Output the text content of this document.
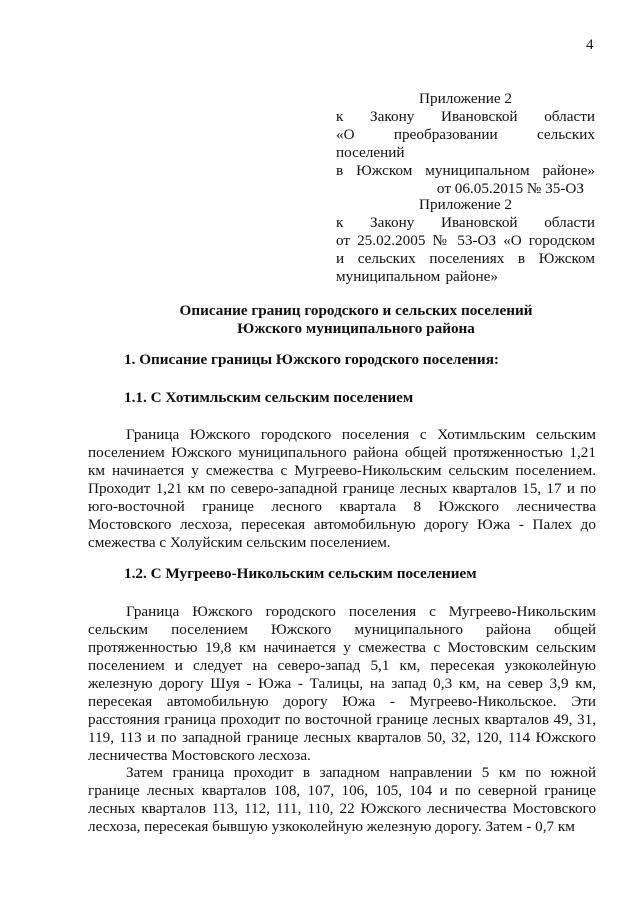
4
Приложение 2
к Закону Ивановской области
«О преобразовании сельских поселений
в Южском муниципальном районе»
от 06.05.2015 № 35-ОЗ
Приложение 2
к Закону Ивановской области
от 25.02.2005 № 53-ОЗ «О городском
и сельских поселениях в Южском
муниципальном районе»
Описание границ городского и сельских поселений
Южского муниципального района
1. Описание границы Южского городского поселения:
1.1. С Хотимльским сельским поселением

Граница Южского городского поселения с Хотимльским сельским поселением Южского муниципального района общей протяженностью 1,21 км начинается у смежества с Мугреево-Никольским сельским поселением. Проходит 1,21 км по северо-западной границе лесных кварталов 15, 17 и по юго-восточной границе лесного квартала 8 Южского лесничества Мостовского лесхоза, пересекая автомобильную дорогу Южа - Палех до смежества с Холуйским сельским поселением.

1.2. С Мугреево-Никольским сельским поселением

Граница Южского городского поселения с Мугреево-Никольским сельским поселением Южского муниципального района общей протяженностью 19,8 км начинается у смежества с Мостовским сельским поселением и следует на северо-запад 5,1 км, пересекая узкоколейную железную дорогу Шуя - Южа - Талицы, на запад 0,3 км, на север 3,9 км, пересекая автомобильную дорогу Южа - Мугреево-Никольское. Эти расстояния граница проходит по восточной границе лесных кварталов 49, 31, 119, 113 и по западной границе лесных кварталов 50, 32, 120, 114 Южского лесничества Мостовского лесхоза.

Затем граница проходит в западном направлении 5 км по южной границе лесных кварталов 108, 107, 106, 105, 104 и по северной границе лесных кварталов 113, 112, 111, 110, 22 Южского лесничества Мостовского лесхоза, пересекая бывшую узкоколейную железную дорогу. Затем - 0,7 км
